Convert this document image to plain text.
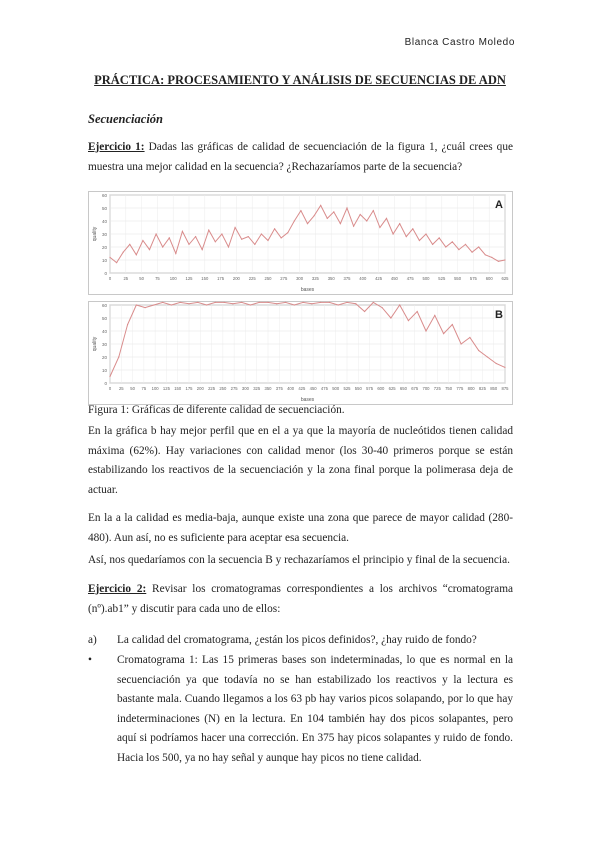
Blanca Castro Moledo
PRÁCTICA: PROCESAMIENTO Y ANÁLISIS DE SECUENCIAS DE ADN
Secuenciación
Ejercicio 1: Dadas las gráficas de calidad de secuenciación de la figura 1, ¿cuál crees que muestra una mejor calidad en la secuencia? ¿Rechazaríamos parte de la secuencia?
0
10
20
30
40
50
60
0	25	50	75 100 125 150 175 200 225 250 275 300 325 350 375 400 425 450 475 500 525 550 575 600 625
bases
quality
A
0
10
20
30
40
50
60
0 25 50 75 100 125 150 175 200 225 250 275 300 325 350 375 400 425 450 475 500 525 550 575 600 625 650 675 700 725 750 775 800 825 850 875
bases
quality
B
Figura 1: Gráficas de diferente calidad de secuenciación.
En la gráfica b hay mejor perfil que en el a ya que la mayoría de nucleótidos tienen calidad máxima (62%). Hay variaciones con calidad menor (los 30-40 primeros porque se están estabilizando los reactivos de la secuenciación y la zona final porque la polimerasa deja de actuar.
En la a la calidad es media-baja, aunque existe una zona que parece de mayor calidad (280-480). Aun así, no es suficiente para aceptar esa secuencia.
Así, nos quedaríamos con la secuencia B y rechazaríamos el principio y final de la secuencia.
Ejercicio 2: Revisar los cromatogramas correspondientes a los archivos “cromatograma (nº).ab1” y discutir para cada uno de ellos:
a) La calidad del cromatograma, ¿están los picos definidos?, ¿hay ruido de fondo?
• Cromatograma 1: Las 15 primeras bases son indeterminadas, lo que es normal en la secuenciación ya que todavía no se han estabilizado los reactivos y la lectura es bastante mala. Cuando llegamos a los 63 pb hay varios picos solapando, por lo que hay indeterminaciones (N) en la lectura. En 104 también hay dos picos solapantes, pero aquí si podríamos hacer una corrección. En 375 hay picos solapantes y ruido de fondo. Hacia los 500, ya no hay señal y aunque hay picos no tiene calidad.
